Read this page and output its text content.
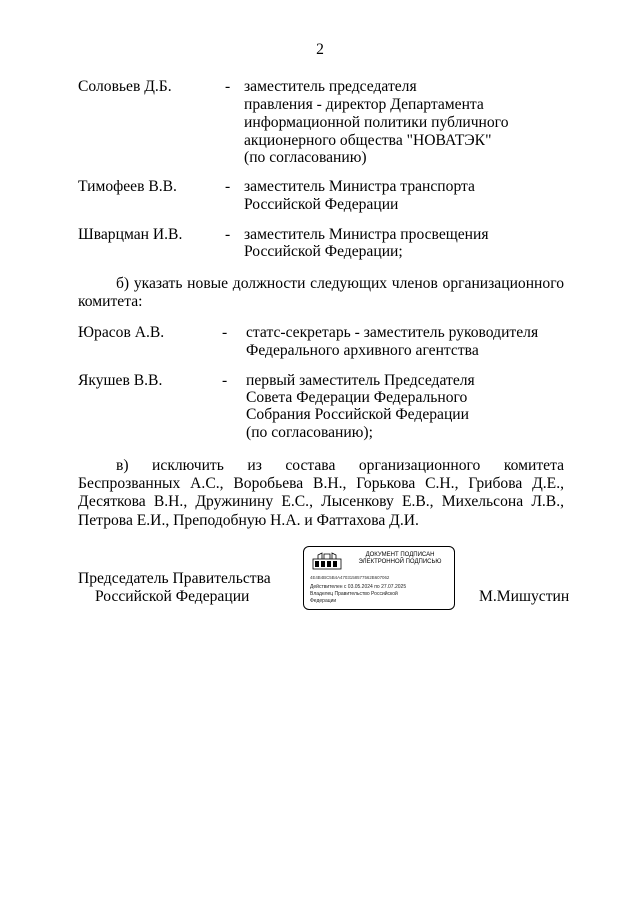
2
Соловьев Д.Б.	- заместитель председателя
правления - директор Департамента
информационной политики публичного
акционерного общества "НОВАТЭК"
(по согласованию)
Тимофеев В.В.	- заместитель Министра транспорта
Российской Федерации
Шварцман И.В.	- заместитель Министра просвещения
Российской Федерации;
б) указать новые должности следующих членов организационного
комитета:
Юрасов А.В.	- статс-секретарь - заместитель руководителя
Федерального архивного агентства
Якушев В.В.	- первый заместитель Председателя
Совета Федерации Федерального
Собрания Российской Федерации
(по согласованию);
в) исключить из состава организационного комитета
Беспрозванных А.С., Воробьева В.Н., Горькова С.Н., Грибова Д.Е.,
Десяткова В.Н., Дружинину Е.С., Лысенкову Е.В., Михельсона Л.В.,
Петрова Е.И., Преподобную Н.А. и Фаттахова Д.И.
Председатель Правительства
Российской Федерации	М.Мишустин
ДОКУМЕНТ ПОДПИСАН
ЭЛЕКТРОННОЙ ПОДПИСЬЮ
4E4B4BC5B4A4703158577562B607062
Действителен с 03.05.2024 по 27.07.2025
Владелец Правительство Российской
Федерации
